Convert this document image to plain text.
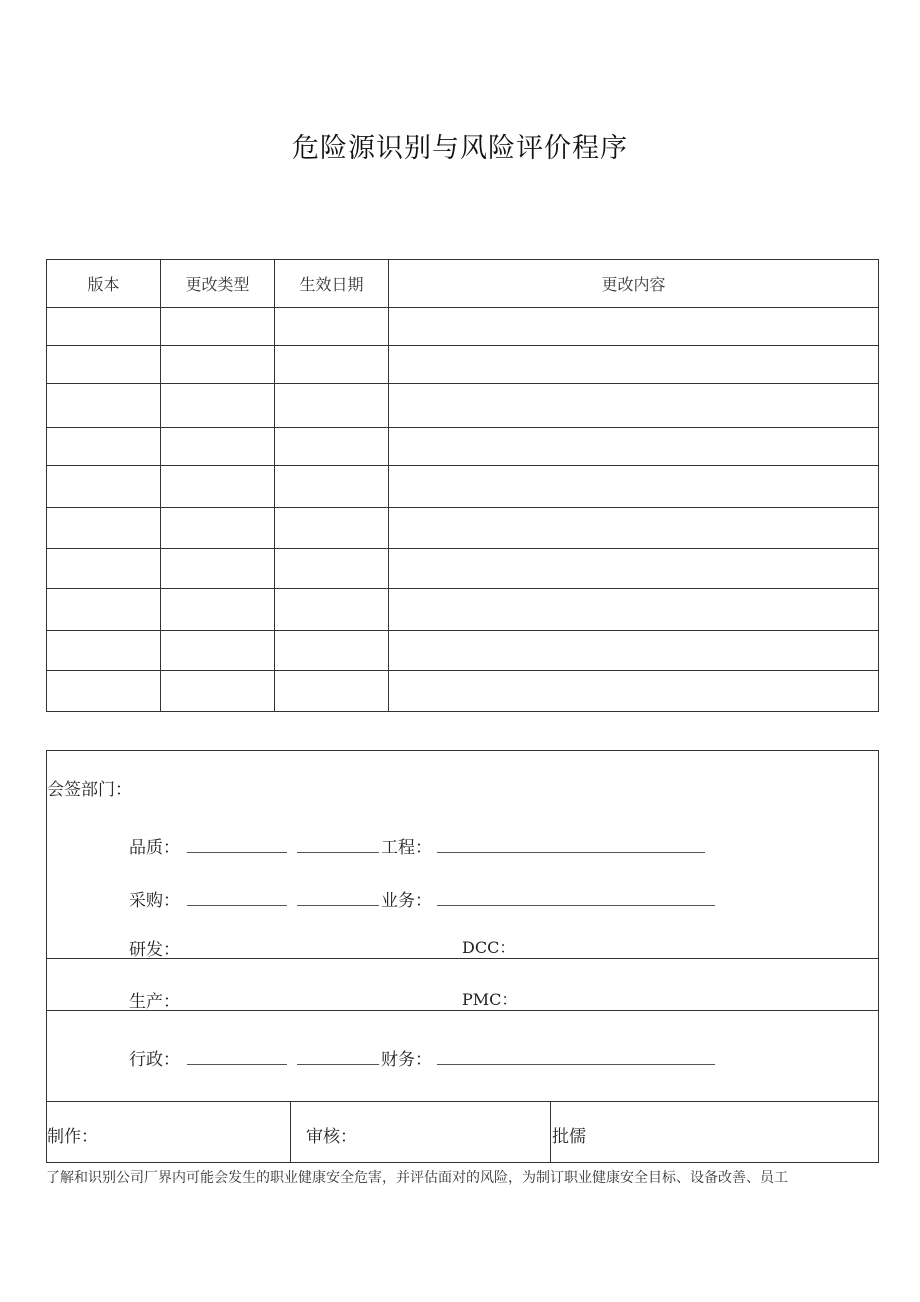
危险源识别与风险评价程序
版本	更改类型	生效日期	更改内容

会签部门：
品质：	工程：
采购：	业务：
研发：	DCC：
生产：	PMC：
行政：	财务：
制作：	审核：	批儒
了解和识别公司厂界内可能会发生的职业健康安全危害，并评估面对的风险，为制订职业健康安全目标、设备改善、员工
